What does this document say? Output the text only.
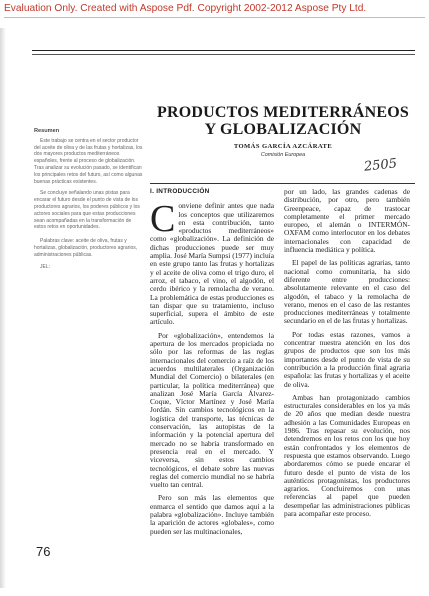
Evaluation Only. Created with Aspose Pdf. Copyright 2002-2012 Aspose Pty Ltd.
Resumen

Este trabajo se centra en el sector productor del aceite de oliva y de las frutas y hortalizas, los dos mayores productos mediterráneos españoles, frente al proceso de globalización. Tras analizar su evolución pasado, se identifican los principales retos del futuro, así como algunas buenas prácticas existentes.

Se concluye señalando unas pistas para encarar el futuro desde el punto de vista de los productores agrarios, los poderes públicos y los actores sociales para que estas producciones sean acompañadas en la transformación de estos retos en oportunidades.

Palabras clave: aceite de oliva, frutas y hortalizas, globalización, productores agrarios, administraciones públicas.

JEL:

PRODUCTOS MEDITERRÁNEOS
Y GLOBALIZACIÓN
TOMÁS GARCÍA AZCÁRATE
Comisión Europea
2505
I. INTRODUCCIÓN

Conviene definir antes que nada los conceptos que utilizaremos en esta contribución, tanto «productos mediterráneos» como «globalización». La definición de dichas producciones puede ser muy amplia. José María Sumpsi (1977) incluía en este grupo tanto las frutas y hortalizas y el aceite de oliva como el trigo duro, el arroz, el tabaco, el vino, el algodón, el cerdo ibérico y la remolacha de verano. La problemática de estas producciones es tan dispar que su tratamiento, incluso superficial, supera el ámbito de este artículo.

Por «globalización», entendemos la apertura de los mercados propiciada no sólo por las reformas de las reglas internacionales del comercio a raíz de los acuerdos multilaterales (Organización Mundial del Comercio) o bilaterales (en particular, la política mediterránea) que analizan José María García Álvarez-Coque, Víctor Martínez y José María Jordán. Sin cambios tecnológicos en la logística del transporte, las técnicas de conservación, las autopistas de la información y la potencial apertura del mercado no se habría transformado en presencia real en el mercado. Y viceversa, sin estos cambios tecnológicos, el debate sobre las nuevas reglas del comercio mundial no se habría vuelto tan central.

Pero son más las elementos que enmarca el sentido que damos aquí a la palabra «globalización». Incluye también la aparición de actores «globales», como pueden ser las multinacionales,

por un lado, las grandes cadenas de distribución, por otro, pero también Greenpeace, capaz de trastocar completamente el primer mercado europeo, el alemán o INTERMÓN-OXFAM como interlocutor en los debates internacionales con capacidad de influencia mediática y política.

El papel de las políticas agrarias, tanto nacional como comunitaria, ha sido diferente entre producciones: absolutamente relevante en el caso del algodón, el tabaco y la remolacha de verano, menos en el caso de las restantes producciones mediterráneas y totalmente secundario en el de las frutas y hortalizas.

Por todas estas razones, vamos a concentrar nuestra atención en los dos grupos de productos que son los más importantes desde el punto de vista de su contribución a la producción final agraria española: las frutas y hortalizas y el aceite de oliva.

Ambas han protagonizado cambios estructurales considerables en los ya más de 20 años que median desde nuestra adhesión a las Comunidades Europeas en 1986. Tras repasar su evolución, nos detendremos en los retos con los que hoy están confrontados y los elementos de respuesta que estamos observando. Luego abordaremos cómo se puede encarar el futuro desde el punto de vista de los auténticos protagonistas, los productores agrarios. Concluiremos con unas referencias al papel que pueden desempeñar las administraciones públicas para acompañar este proceso.

76
